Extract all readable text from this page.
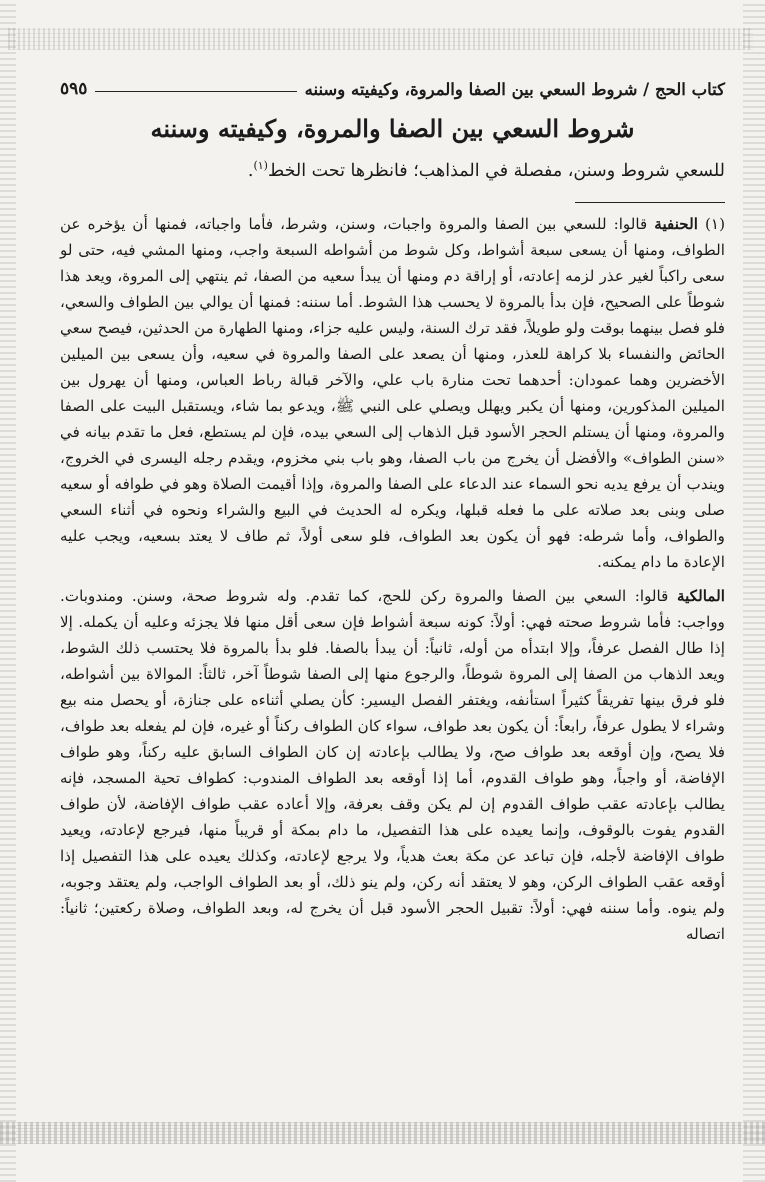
كتاب الحج / شروط السعي بين الصفا والمروة، وكيفيته وسننه
٥٩٥
شروط السعي بين الصفا والمروة، وكيفيته وسننه

للسعي شروط وسنن، مفصلة في المذاهب؛ فانظرها تحت الخط$^{(١)}$.

(١) الحنفية قالوا: للسعي بين الصفا والمروة واجبات، وسنن، وشرط، فأما واجباته، فمنها أن يؤخره عن الطواف، ومنها أن يسعى سبعة أشواط، وكل شوط من أشواطه السبعة واجب، ومنها المشي فيه، حتى لو سعى راكباً لغير عذر لزمه إعادته، أو إراقة دم ومنها أن يبدأ سعيه من الصفا، ثم ينتهي إلى المروة، ويعد هذا شوطاً على الصحيح، فإن بدأ بالمروة لا يحسب هذا الشوط. أما سننه: فمنها أن يوالي بين الطواف والسعي، فلو فصل بينهما بوقت ولو طويلاً، فقد ترك السنة، وليس عليه جزاء، ومنها الطهارة من الحدثين، فيصح سعي الحائض والنفساء بلا كراهة للعذر، ومنها أن يصعد على الصفا والمروة في سعيه، وأن يسعى بين الميلين الأخضرين وهما عمودان: أحدهما تحت منارة باب علي، والآخر قبالة رباط العباس، ومنها أن يهرول بين الميلين المذكورين، ومنها أن يكبر ويهلل ويصلي على النبي ﷺ، ويدعو بما شاء، ويستقبل البيت على الصفا والمروة، ومنها أن يستلم الحجر الأسود قبل الذهاب إلى السعي بيده، فإن لم يستطع، فعل ما تقدم بيانه في «سنن الطواف» والأفضل أن يخرج من باب الصفا، وهو باب بني مخزوم، ويقدم رجله اليسرى في الخروج، ويندب أن يرفع يديه نحو السماء عند الدعاء على الصفا والمروة، وإذا أقيمت الصلاة وهو في طوافه أو سعيه صلى وبنى بعد صلاته على ما فعله قبلها، ويكره له الحديث في البيع والشراء ونحوه في أثناء السعي والطواف، وأما شرطه: فهو أن يكون بعد الطواف، فلو سعى أولاً، ثم طاف لا يعتد بسعيه، ويجب عليه الإعادة ما دام يمكنه.

المالكية قالوا: السعي بين الصفا والمروة ركن للحج، كما تقدم. وله شروط صحة، وسنن. ومندوبات. وواجب: فأما شروط صحته فهي: أولاً: كونه سبعة أشواط فإن سعى أقل منها فلا يجزئه وعليه أن يكمله. إلا إذا طال الفصل عرفاً، وإلا ابتدأه من أوله، ثانياً: أن يبدأ بالصفا. فلو بدأ بالمروة فلا يحتسب ذلك الشوط، ويعد الذهاب من الصفا إلى المروة شوطاً، والرجوع منها إلى الصفا شوطاً آخر، ثالثاً: الموالاة بين أشواطه، فلو فرق بينها تفريقاً كثيراً استأنفه، ويغتفر الفصل اليسير: كأن يصلي أثناءه على جنازة، أو يحصل منه بيع وشراء لا يطول عرفاً، رابعاً: أن يكون بعد طواف، سواء كان الطواف ركناً أو غيره، فإن لم يفعله بعد طواف، فلا يصح، وإن أوقعه بعد طواف صح، ولا يطالب بإعادته إن كان الطواف السابق عليه ركناً، وهو طواف الإفاضة، أو واجباً، وهو طواف القدوم، أما إذا أوقعه بعد الطواف المندوب: كطواف تحية المسجد، فإنه يطالب بإعادته عقب طواف القدوم إن لم يكن وقف بعرفة، وإلا أعاده عقب طواف الإفاضة، لأن طواف القدوم يفوت بالوقوف، وإنما يعيده على هذا التفصيل، ما دام بمكة أو قريباً منها، فيرجع لإعادته، ويعيد طواف الإفاضة لأجله، فإن تباعد عن مكة بعث هدياً، ولا يرجع لإعادته، وكذلك يعيده على هذا التفصيل إذا أوقعه عقب الطواف الركن، وهو لا يعتقد أنه ركن، ولم ينو ذلك، أو بعد الطواف الواجب، ولم يعتقد وجوبه، ولم ينوه. وأما سننه فهي: أولاً: تقبيل الحجر الأسود قبل أن يخرج له، وبعد الطواف، وصلاة ركعتين؛ ثانياً: اتصاله
